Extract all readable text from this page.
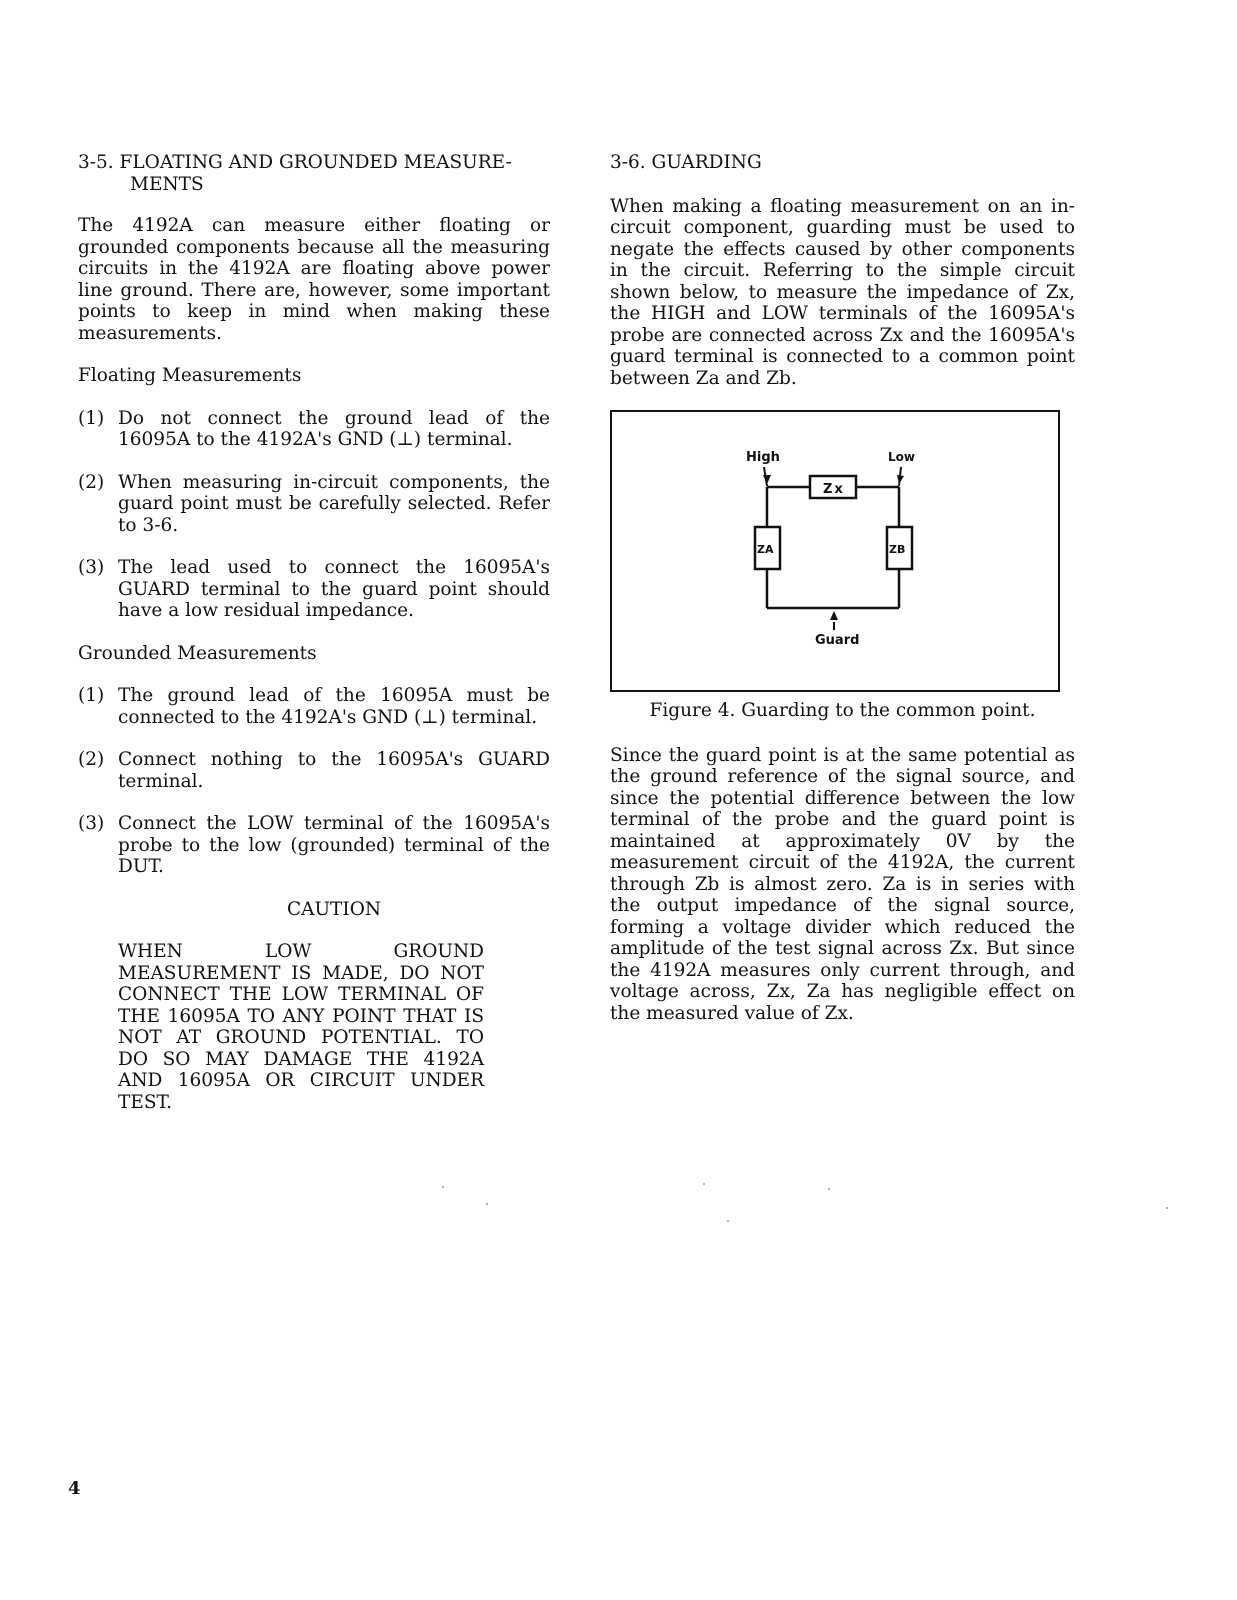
3-5. FLOATING AND GROUNDED MEASURE- MENTS

The 4192A can measure either floating or grounded components because all the measuring circuits in the 4192A are floating above power line ground. There are, however, some important points to keep in mind when making these measurements.

Floating Measurements
(1) Do not connect the ground lead of the 16095A to the 4192A's GND (⊥) terminal.
(2) When measuring in-circuit components, the guard point must be carefully selected. Refer to 3-6.
(3) The lead used to connect the 16095A's GUARD terminal to the guard point should have a low residual impedance.
Grounded Measurements
(1) The ground lead of the 16095A must be connected to the 4192A's GND (⊥) terminal.
(2) Connect nothing to the 16095A's GUARD terminal.
(3) Connect the LOW terminal of the 16095A's probe to the low (grounded) terminal of the DUT.
CAUTION
WHEN LOW GROUND MEASUREMENT IS MADE, DO NOT CONNECT THE LOW TERMINAL OF THE 16095A TO ANY POINT THAT IS NOT AT GROUND POTENTIAL. TO DO SO MAY DAMAGE THE 4192A AND 16095A OR CIRCUIT UNDER TEST.
3-6. GUARDING

When making a floating measurement on an in-circuit component, guarding must be used to negate the effects caused by other components in the circuit. Referring to the simple circuit shown below, to measure the impedance of Zx, the HIGH and LOW terminals of the 16095A's probe are connected across Zx and the 16095A's guard terminal is connected to a common point between Za and Zb.

High	Low
Zx
ZA	ZB
Guard
Figure 4. Guarding to the common point.

Since the guard point is at the same potential as the ground reference of the signal source, and since the potential difference between the low terminal of the probe and the guard point is maintained at approximately 0V by the measurement circuit of the 4192A, the current through Zb is almost zero. Za is in series with the output impedance of the signal source, forming a voltage divider which reduced the amplitude of the test signal across Zx. But since the 4192A measures only current through, and voltage across, Zx, Za has negligible effect on the measured value of Zx.

4
